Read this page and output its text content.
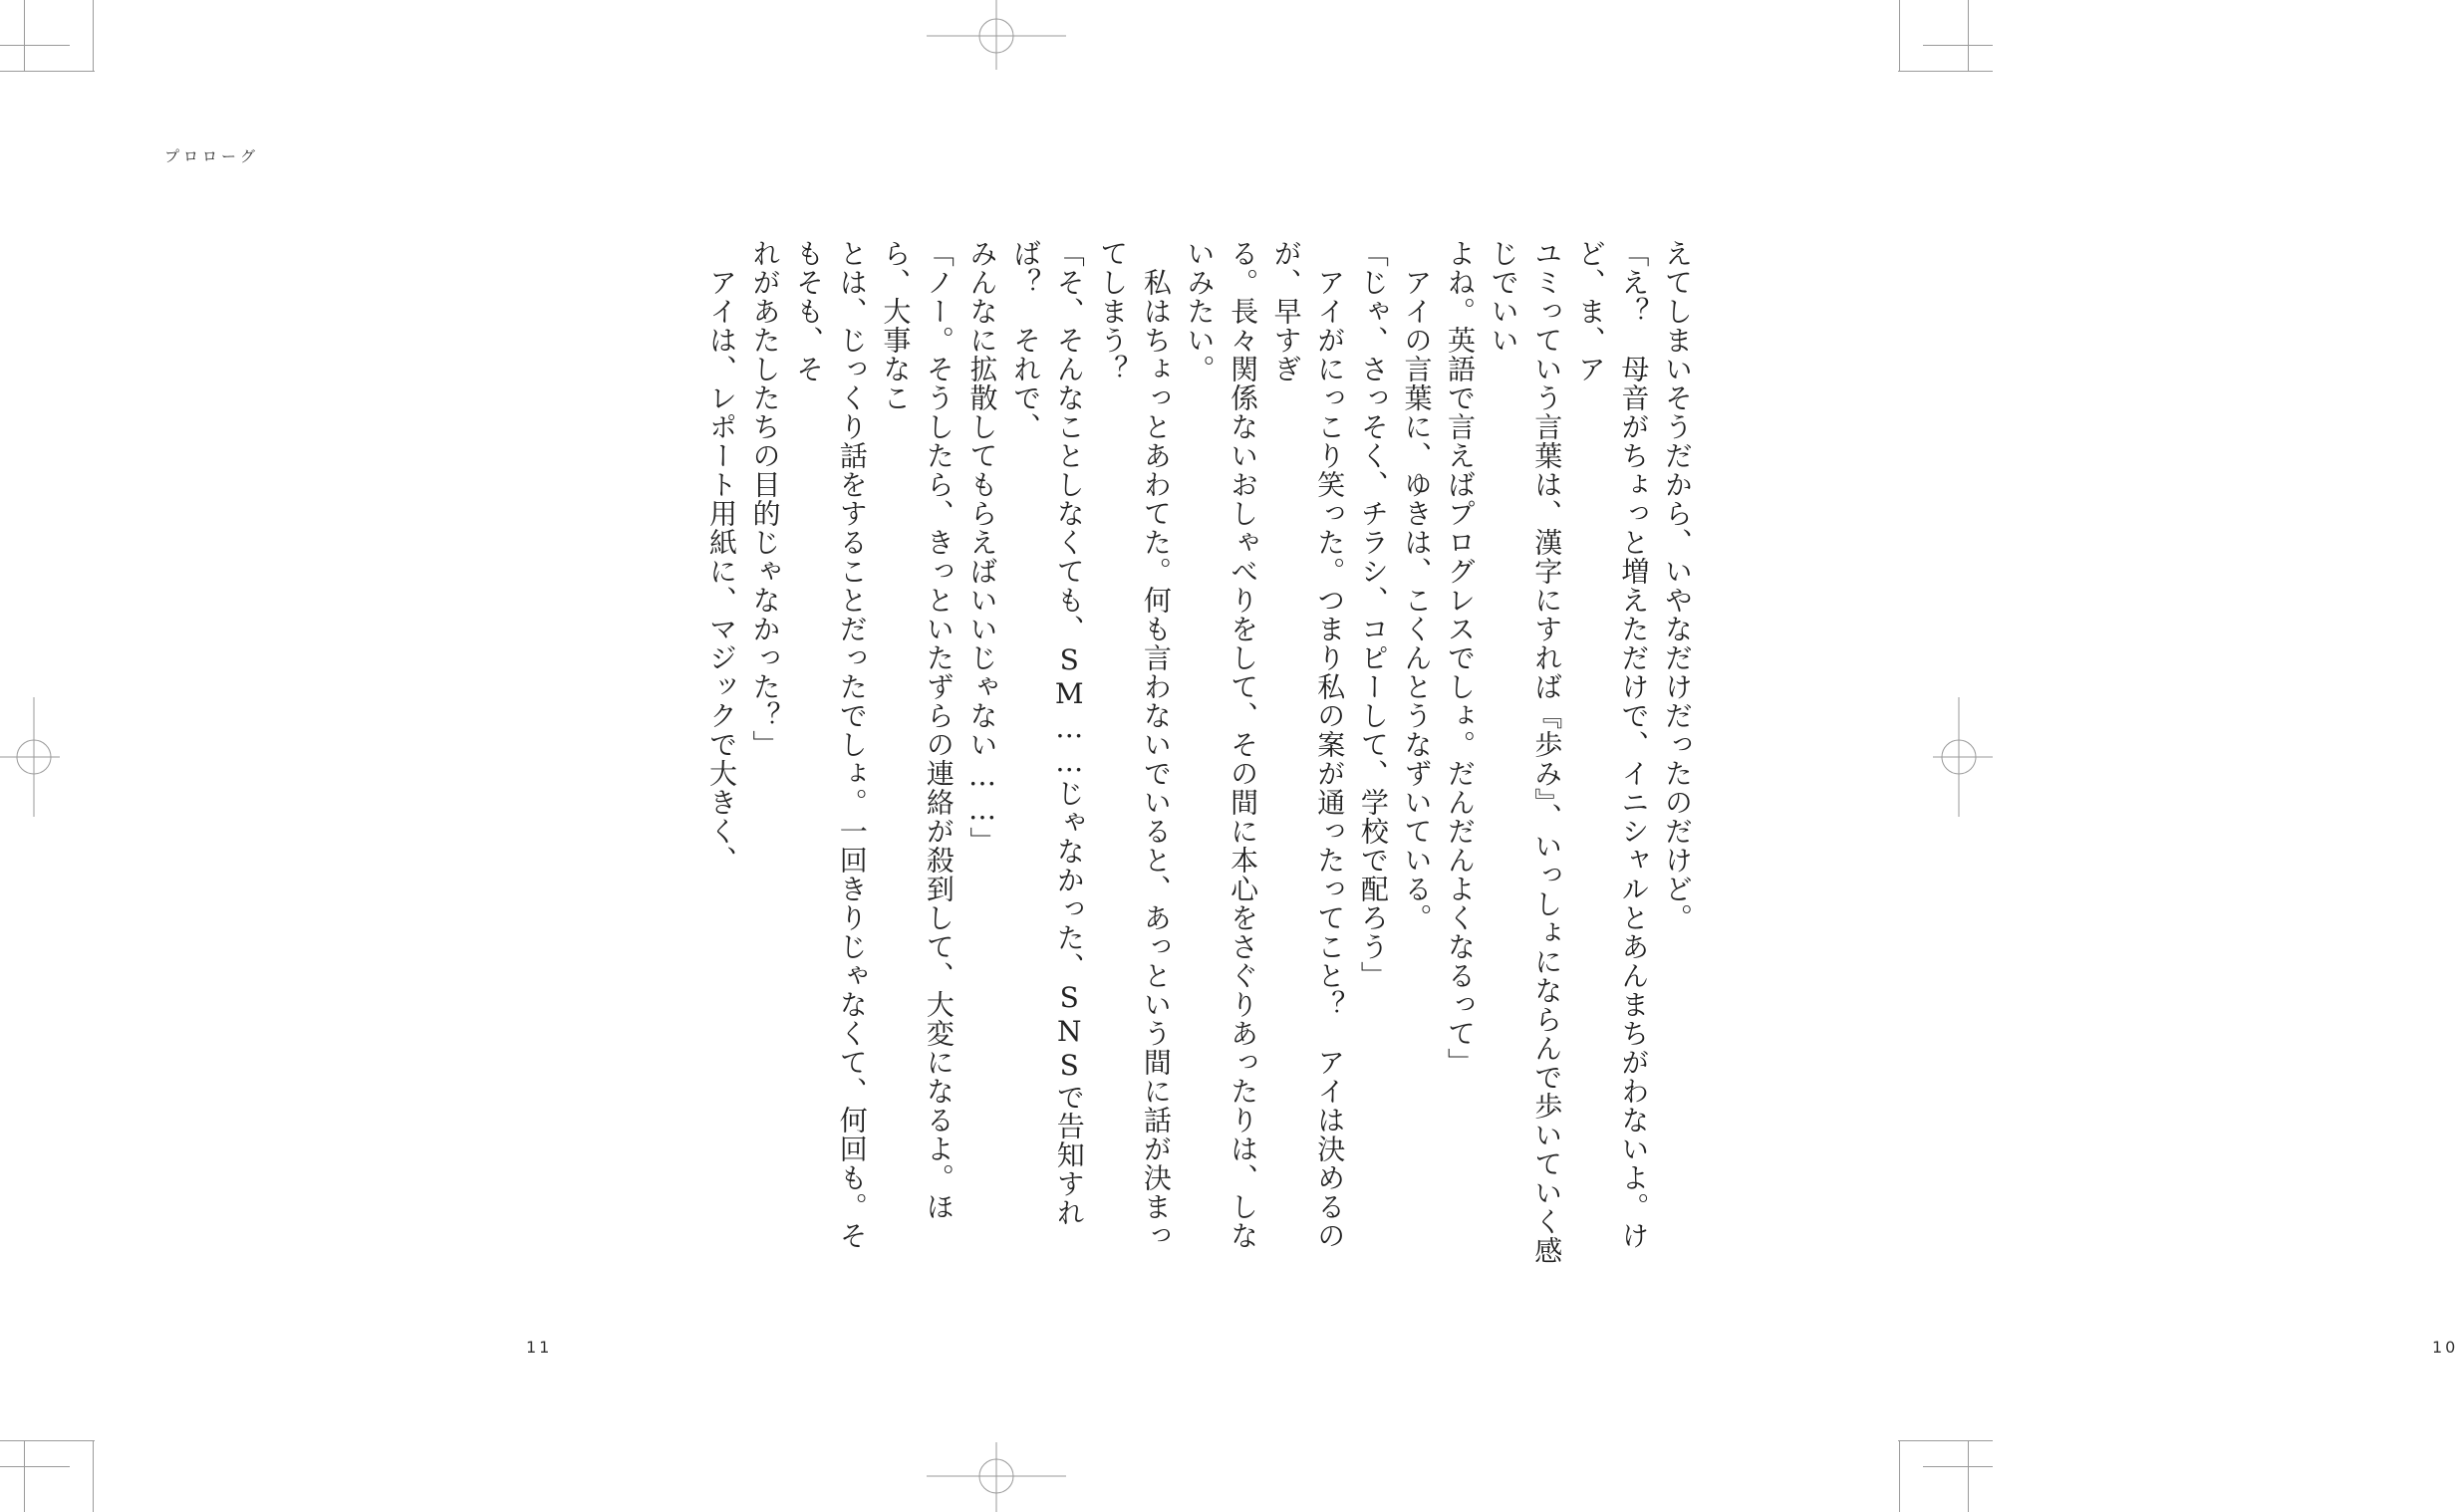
プロローグ

11

えてしまいそうだから、いやなだけだったのだけど。

「え？　母音がちょっと増えただけで、イニシャルとあんまちがわないよ。けど、ま、ア

ユミっていう言葉は、漢字にすれば『歩み』、いっしょにならんで歩いていく感じでいい

よね。英語で言えばプログレスでしょ。だんだんよくなるって」

　アイの言葉に、ゆきは、こくんとうなずいている。

「じゃ、さっそく、チラシ、コピーして、学校で配ろう」

　アイがにっこり笑った。つまり私の案が通ったってこと？　アイは決めるのが、早すぎ

る。長々関係ないおしゃべりをして、その間に本心をさぐりあったりは、しないみたい。

　私はちょっとあわてた。何も言わないでいると、あっという間に話が決まってしまう？

「そ、そんなことしなくても、SM……じゃなかった、SNSで告知すれば？　それで、

みんなに拡散してもらえばいいじゃない……」

「ノー。そうしたら、きっといたずらの連絡が殺到して、大変になるよ。ほら、大事なこ

とは、じっくり話をすることだったでしょ。一回きりじゃなくて、何回も。そもそも、そ

れがあたしたちの目的じゃなかった？」

　アイは、レポート用紙に、マジックで大きく、

10
